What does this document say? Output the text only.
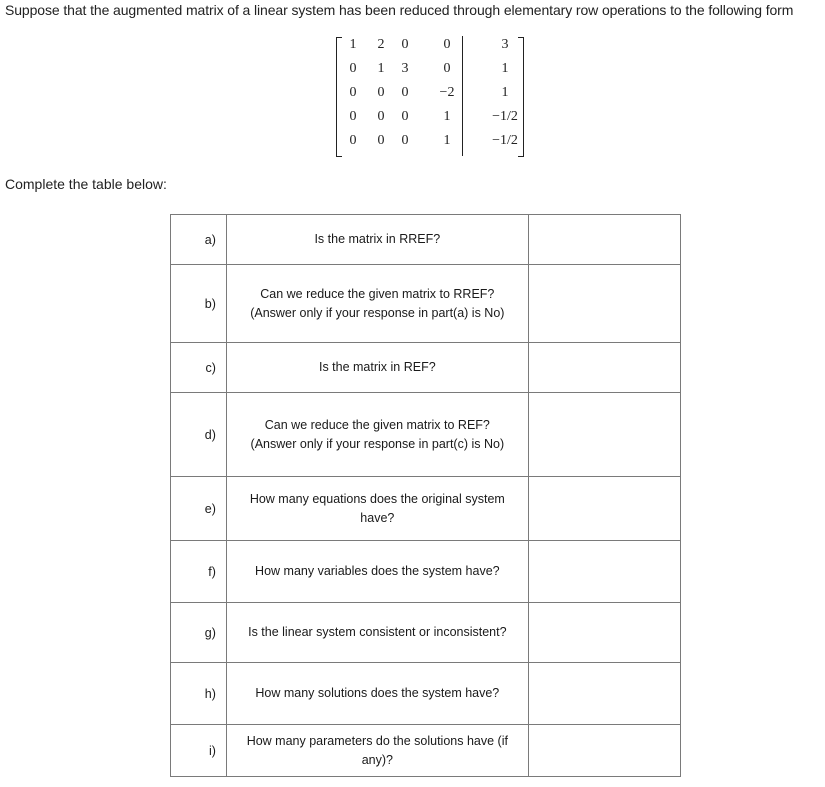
Suppose that the augmented matrix of a linear system has been reduced through elementary row operations to the following form
1 2 0	0	3
0 1 3	0	1
0 0 0	−2	1
0 0 0	1	−1/2
0 0 0	1	−1/2
Complete the table below:
a)	Is the matrix in RREF?	
b)	Can we reduce the given matrix to RREF?
(Answer only if your response in part(a) is No)	
c)	Is the matrix in REF?	
d)	Can we reduce the given matrix to REF?
(Answer only if your response in part(c) is No)	
e)	How many equations does the original system
have?	
f)	How many variables does the system have?	
g)	Is the linear system consistent or inconsistent?	
h)	How many solutions does the system have?	
i)	How many parameters do the solutions have (if
any)?	
